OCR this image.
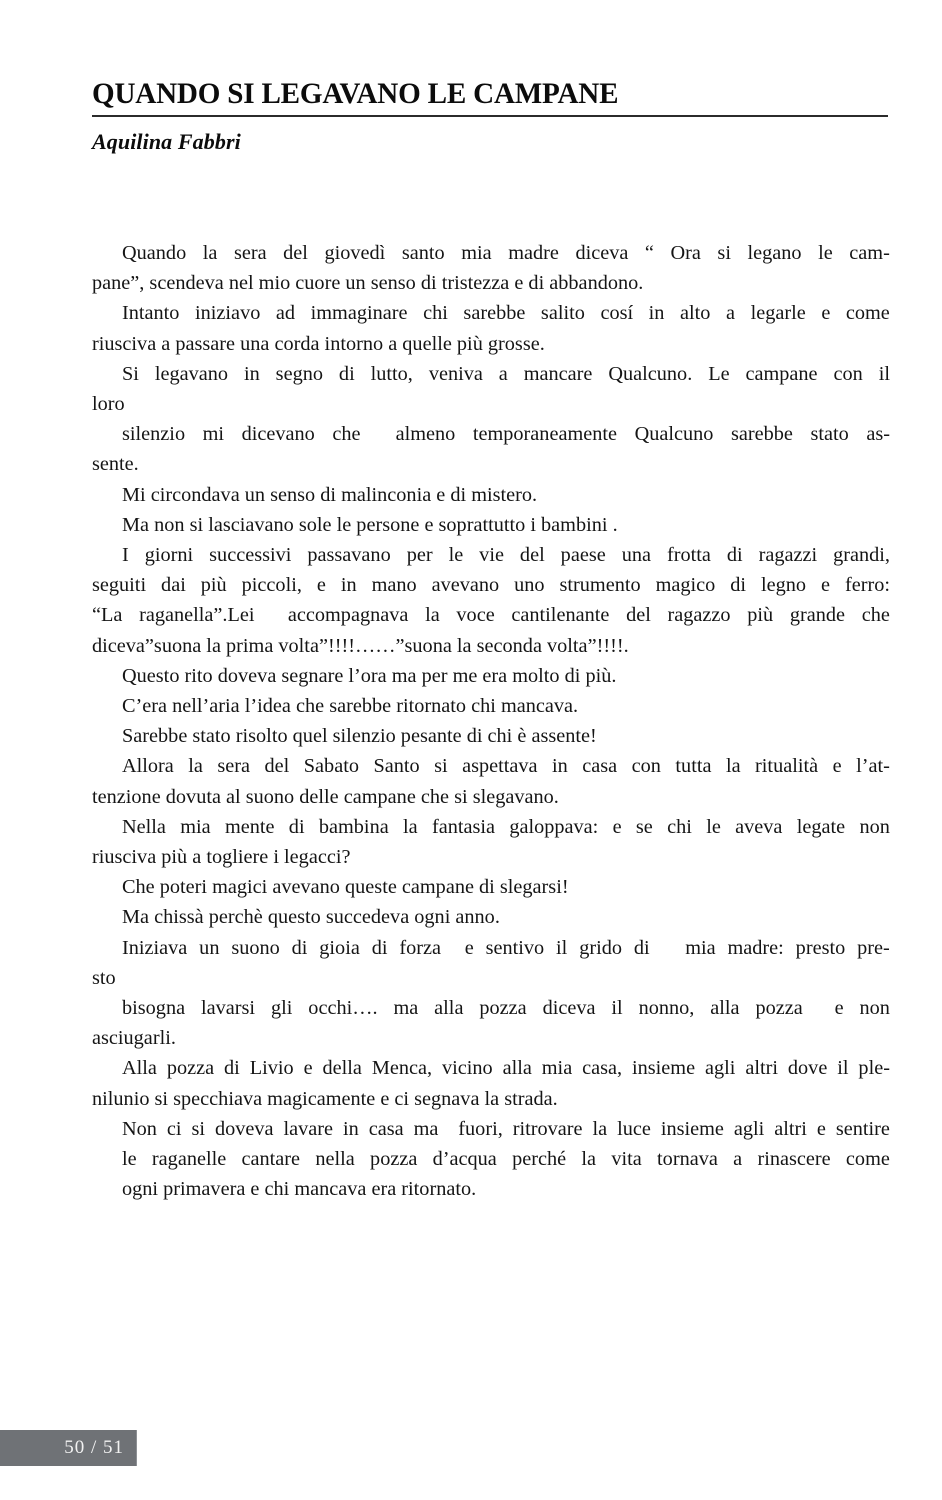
QUANDO SI LEGAVANO LE CAMPANE
Aquilina Fabbri

Quando la sera del giovedì santo mia madre diceva “ Ora si legano le cam-
pane”, scendeva nel mio cuore un senso di tristezza e di abbandono.

Intanto iniziavo ad immaginare chi sarebbe salito cosí in alto a legarle e come
riusciva a passare una corda intorno a quelle più grosse.

Si legavano in segno di lutto, veniva a mancare Qualcuno. Le campane con il
loro

silenzio mi dicevano che almeno temporaneamente Qualcuno sarebbe stato as-
sente.

Mi circondava un senso di malinconia e di mistero.

Ma non si lasciavano sole le persone e soprattutto i bambini .

I giorni successivi passavano per le vie del paese una frotta di ragazzi grandi,
seguiti dai più piccoli, e in mano avevano uno strumento magico di legno e ferro:
“La raganella”.Lei accompagnava la voce cantilenante del ragazzo più grande che
diceva”suona la prima volta”!!!!……”suona la seconda volta”!!!!.

Questo rito doveva segnare l’ora ma per me era molto di più.

C’era nell’aria l’idea che sarebbe ritornato chi mancava.

Sarebbe stato risolto quel silenzio pesante di chi è assente!

Allora la sera del Sabato Santo si aspettava in casa con tutta la ritualità e l’at-
tenzione dovuta al suono delle campane che si slegavano.

Nella mia mente di bambina la fantasia galoppava: e se chi le aveva legate non
riusciva più a togliere i legacci?

Che poteri magici avevano queste campane di slegarsi!

Ma chissà perchè questo succedeva ogni anno.

Iniziava un suono di gioia di forza e sentivo il grido di mia madre: presto pre-
sto

bisogna lavarsi gli occhi…. ma alla pozza diceva il nonno, alla pozza e non
asciugarli.

Alla pozza di Livio e della Menca, vicino alla mia casa, insieme agli altri dove il ple-
nilunio si specchiava magicamente e ci segnava la strada.

Non ci si doveva lavare in casa ma fuori, ritrovare la luce insieme agli altri e sentire
le raganelle cantare nella pozza d’acqua perché la vita tornava a rinascere come
ogni primavera e chi mancava era ritornato.

50 / 51
